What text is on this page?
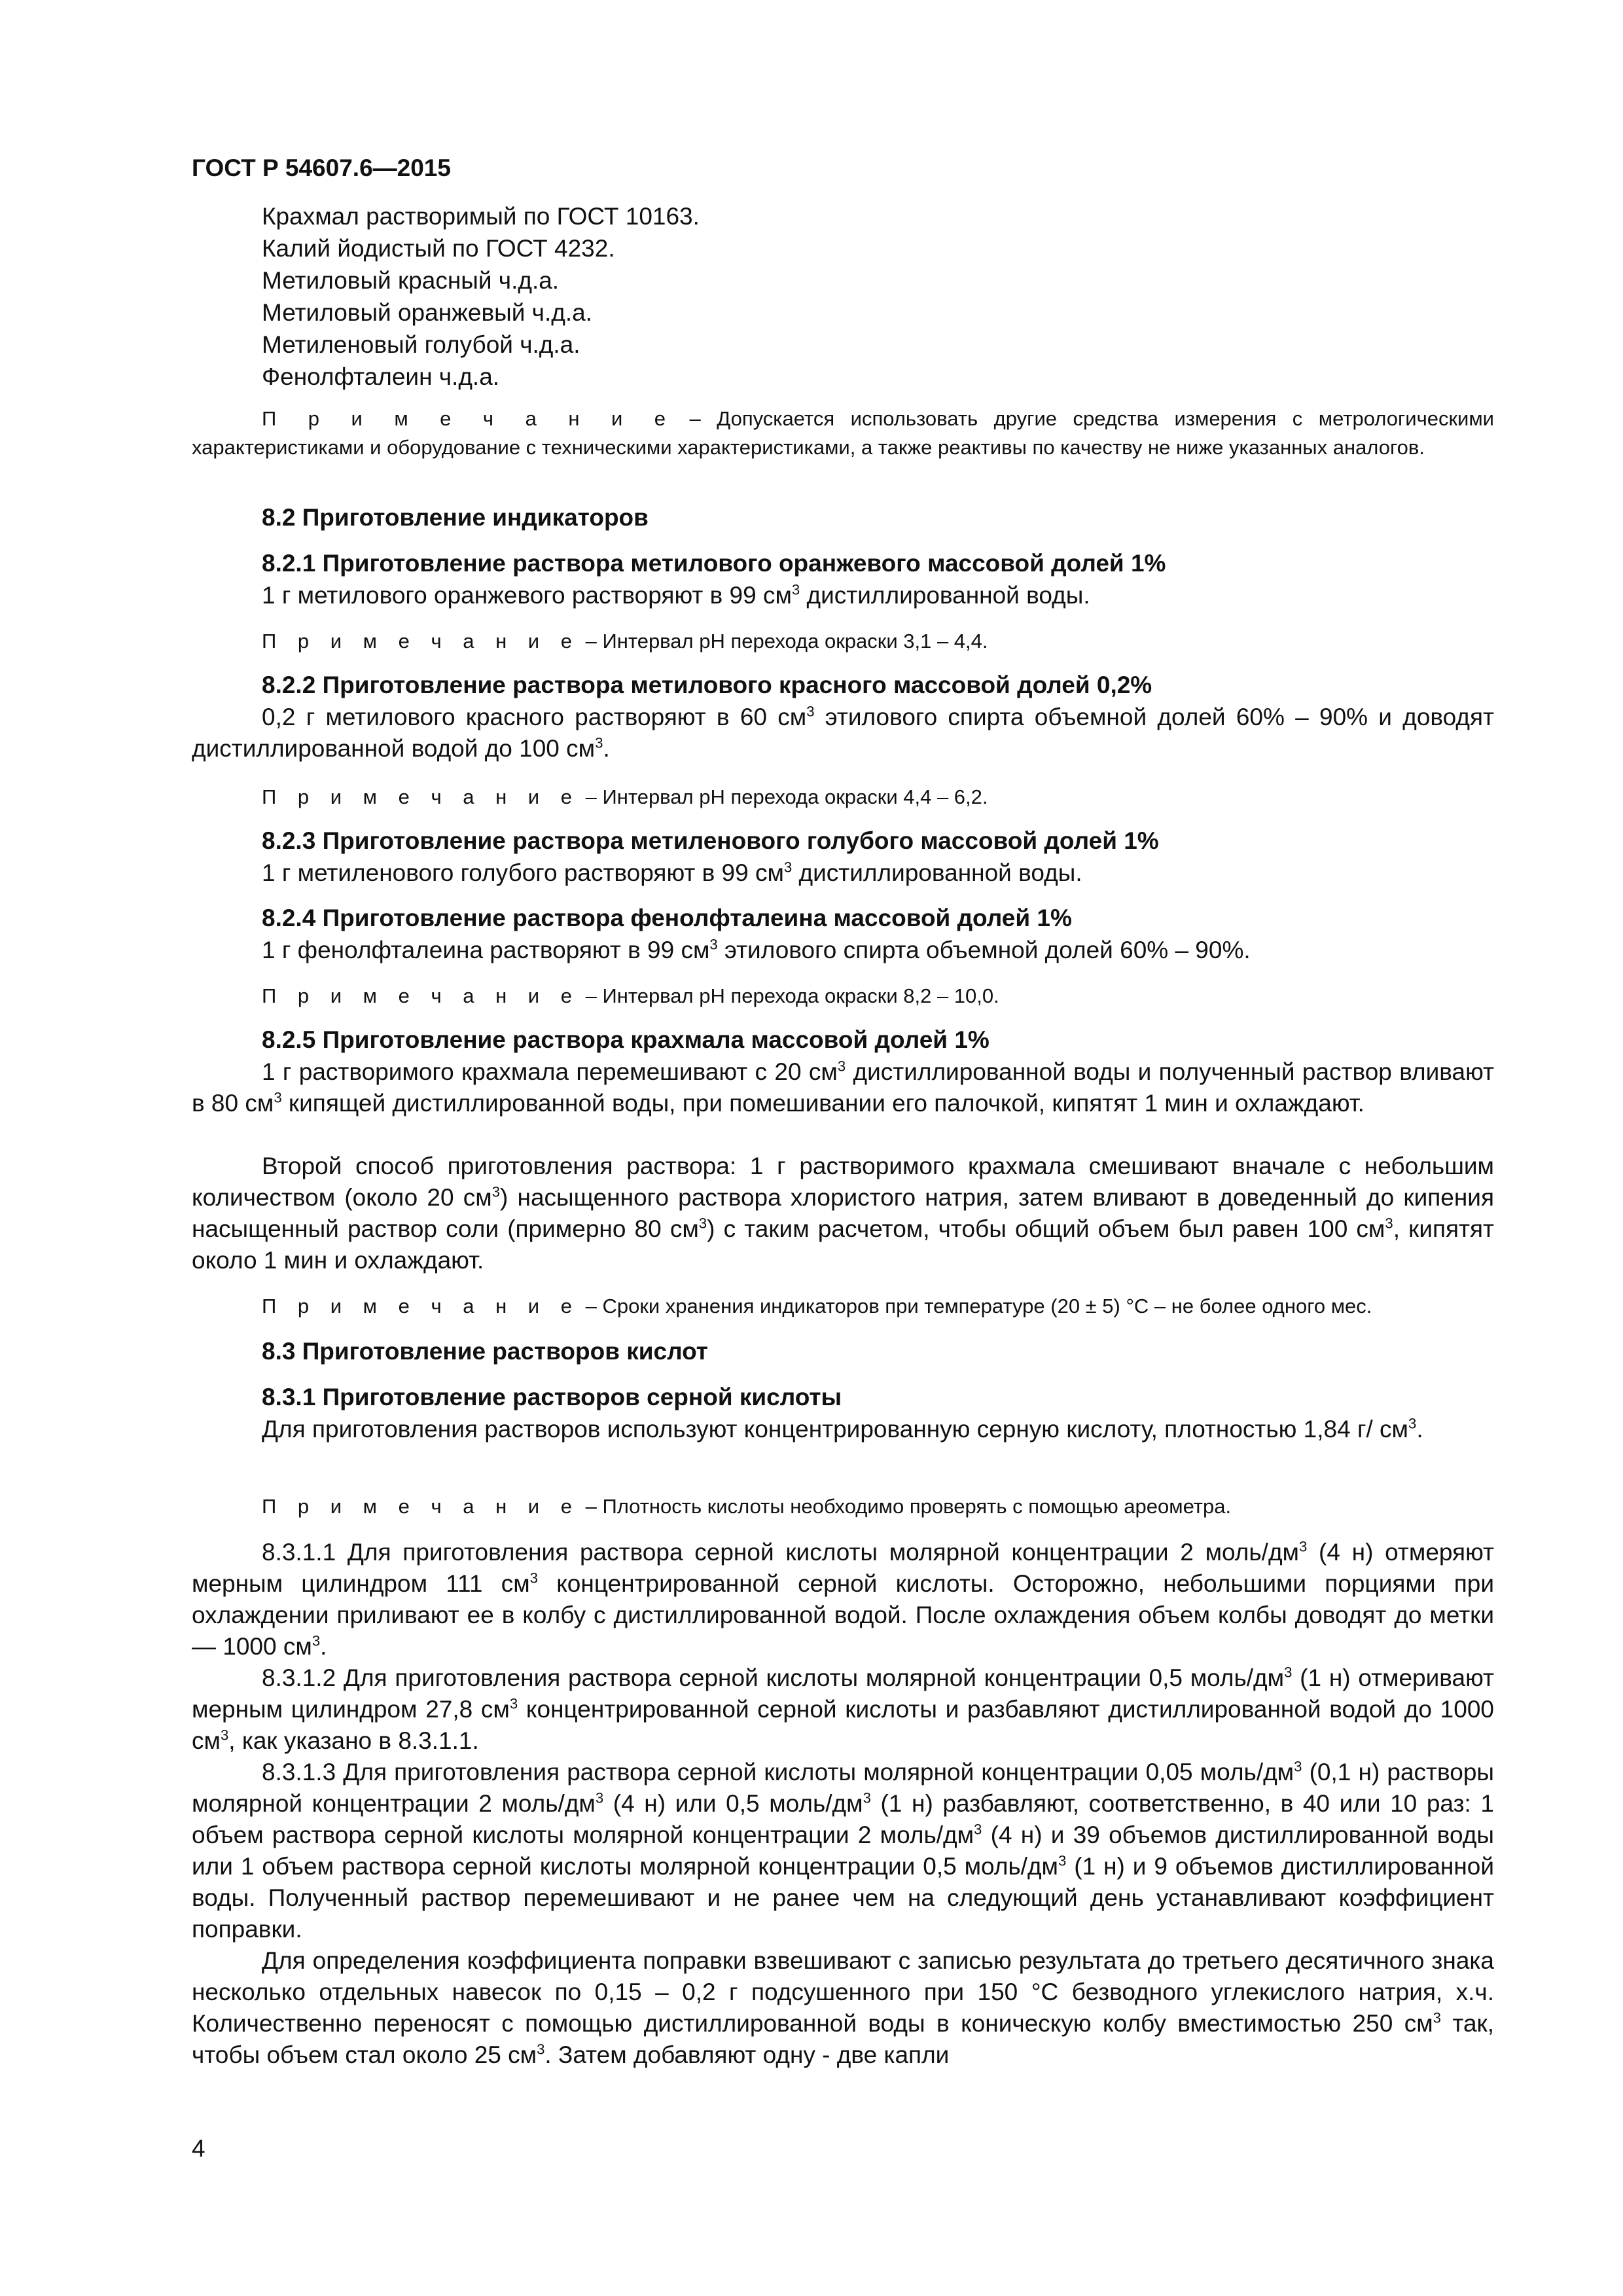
ГОСТ Р 54607.6—2015
Крахмал растворимый по ГОСТ 10163.
Калий йодистый по ГОСТ 4232.
Метиловый красный ч.д.а.
Метиловый оранжевый ч.д.а.
Метиленовый голубой ч.д.а.
Фенолфталеин ч.д.а.
П р и м е ч а н и е – Допускается использовать другие средства измерения с метрологическими характеристиками и оборудование с техническими характеристиками, а также реактивы по качеству не ниже указанных аналогов.
8.2 Приготовление индикаторов
8.2.1 Приготовление раствора метилового оранжевого массовой долей 1%
1 г метилового оранжевого растворяют в 99 $см^3$ дистиллированной воды.
П р и м е ч а н и е – Интервал pH перехода окраски 3,1 – 4,4.
8.2.2 Приготовление раствора метилового красного массовой долей 0,2%
0,2 г метилового красного растворяют в 60 $см^3$ этилового спирта объемной долей 60% – 90% и доводят дистиллированной водой до 100 $см^3$.
П р и м е ч а н и е – Интервал pH перехода окраски 4,4 – 6,2.
8.2.3 Приготовление раствора метиленового голубого массовой долей 1%
1 г метиленового голубого растворяют в 99 $см^3$ дистиллированной воды.
8.2.4 Приготовление раствора фенолфталеина массовой долей 1%
1 г фенолфталеина растворяют в 99 $см^3$ этилового спирта объемной долей 60% – 90%.
П р и м е ч а н и е – Интервал pH перехода окраски 8,2 – 10,0.
8.2.5 Приготовление раствора крахмала массовой долей 1%
1 г растворимого крахмала перемешивают с 20 $см^3$ дистиллированной воды и полученный раствор вливают в 80 $см^3$ кипящей дистиллированной воды, при помешивании его палочкой, кипятят 1 мин и охлаждают.
Второй способ приготовления раствора: 1 г растворимого крахмала смешивают вначале с небольшим количеством (около 20 $см^3$) насыщенного раствора хлористого натрия, затем вливают в доведенный до кипения насыщенный раствор соли (примерно 80 $см^3$) с таким расчетом, чтобы общий объем был равен 100 $см^3$, кипятят около 1 мин и охлаждают.
П р и м е ч а н и е – Сроки хранения индикаторов при температуре (20 ± 5) °С – не более одного мес.
8.3 Приготовление растворов кислот
8.3.1 Приготовление растворов серной кислоты
Для приготовления растворов используют концентрированную серную кислоту, плотностью 1,84 г/ $см^3$.
П р и м е ч а н и е – Плотность кислоты необходимо проверять с помощью ареометра.
8.3.1.1 Для приготовления раствора серной кислоты молярной концентрации 2 моль/$дм^3$ (4 н) отмеряют мерным цилиндром 111 $см^3$ концентрированной серной кислоты. Осторожно, небольшими порциями при охлаждении приливают ее в колбу с дистиллированной водой. После охлаждения объем колбы доводят до метки — 1000 $см^3$.
8.3.1.2 Для приготовления раствора серной кислоты молярной концентрации 0,5 моль/$дм^3$ (1 н) отмеривают мерным цилиндром 27,8 $см^3$ концентрированной серной кислоты и разбавляют дистиллированной водой до 1000 $см^3$, как указано в 8.3.1.1.
8.3.1.3 Для приготовления раствора серной кислоты молярной концентрации 0,05 моль/$дм^3$ (0,1 н) растворы молярной концентрации 2 моль/$дм^3$ (4 н) или 0,5 моль/$дм^3$ (1 н) разбавляют, соответственно, в 40 или 10 раз: 1 объем раствора серной кислоты молярной концентрации 2 моль/$дм^3$ (4 н) и 39 объемов дистиллированной воды или 1 объем раствора серной кислоты молярной концентрации 0,5 моль/$дм^3$ (1 н) и 9 объемов дистиллированной воды. Полученный раствор перемешивают и не ранее чем на следующий день устанавливают коэффициент поправки.
Для определения коэффициента поправки взвешивают с записью результата до третьего десятичного знака несколько отдельных навесок по 0,15 – 0,2 г подсушенного при 150 °С безводного углекислого натрия, х.ч. Количественно переносят с помощью дистиллированной воды в коническую колбу вместимостью 250 $см^3$ так, чтобы объем стал около 25 $см^3$. Затем добавляют одну - две капли
4
